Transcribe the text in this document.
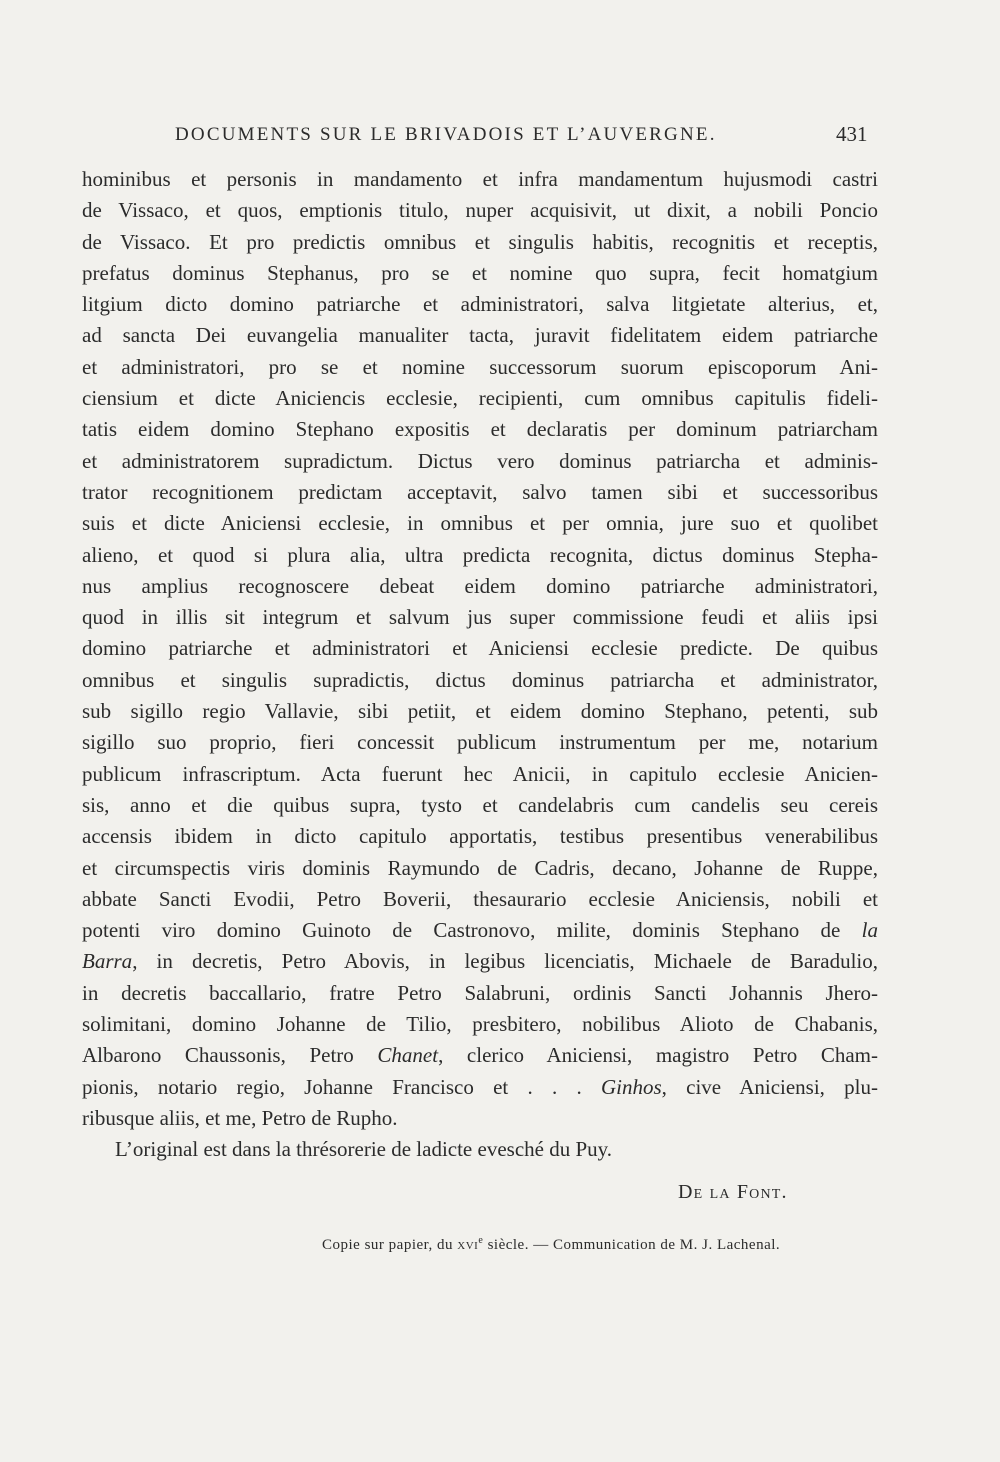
DOCUMENTS SUR LE BRIVADOIS ET L’AUVERGNE.	431
hominibus et personis in mandamento et infra mandamentum hujusmodi castri
de Vissaco, et quos, emptionis titulo, nuper acquisivit, ut dixit, a nobili Poncio
de Vissaco. Et pro predictis omnibus et singulis habitis, recognitis et receptis,
prefatus dominus Stephanus, pro se et nomine quo supra, fecit homatgium
litgium dicto domino patriarche et administratori, salva litgietate alterius, et,
ad sancta Dei euvangelia manualiter tacta, juravit fidelitatem eidem patriarche
et administratori, pro se et nomine successorum suorum episcoporum Ani-
ciensium et dicte Aniciencis ecclesie, recipienti, cum omnibus capitulis fideli-
tatis eidem domino Stephano expositis et declaratis per dominum patriarcham
et administratorem supradictum. Dictus vero dominus patriarcha et adminis-
trator recognitionem predictam acceptavit, salvo tamen sibi et successoribus
suis et dicte Aniciensi ecclesie, in omnibus et per omnia, jure suo et quolibet
alieno, et quod si plura alia, ultra predicta recognita, dictus dominus Stepha-
nus amplius recognoscere debeat eidem domino patriarche administratori,
quod in illis sit integrum et salvum jus super commissione feudi et aliis ipsi
domino patriarche et administratori et Aniciensi ecclesie predicte. De quibus
omnibus et singulis supradictis, dictus dominus patriarcha et administrator,
sub sigillo regio Vallavie, sibi petiit, et eidem domino Stephano, petenti, sub
sigillo suo proprio, fieri concessit publicum instrumentum per me, notarium
publicum infrascriptum. Acta fuerunt hec Anicii, in capitulo ecclesie Anicien-
sis, anno et die quibus supra, tysto et candelabris cum candelis seu cereis
accensis ibidem in dicto capitulo apportatis, testibus presentibus venerabilibus
et circumspectis viris dominis Raymundo de Cadris, decano, Johanne de Ruppe,
abbate Sancti Evodii, Petro Boverii, thesaurario ecclesie Aniciensis, nobili et
potenti viro domino Guinoto de Castronovo, milite, dominis Stephano de la
Barra, in decretis, Petro Abovis, in legibus licenciatis, Michaele de Baradulio,
in decretis baccallario, fratre Petro Salabruni, ordinis Sancti Johannis Jhero-
solimitani, domino Johanne de Tilio, presbitero, nobilibus Alioto de Chabanis,
Albarono Chaussonis, Petro Chanet, clerico Aniciensi, magistro Petro Cham-
pionis, notario regio, Johanne Francisco et . . . Ginhos, cive Aniciensi, plu-
ribusque aliis, et me, Petro de Rupho.
L’original est dans la thrésorerie de ladicte evesché du Puy.
De la Font.
Copie sur papier, du xvi$^e$ siècle. — Communication de M. J. Lachenal.
